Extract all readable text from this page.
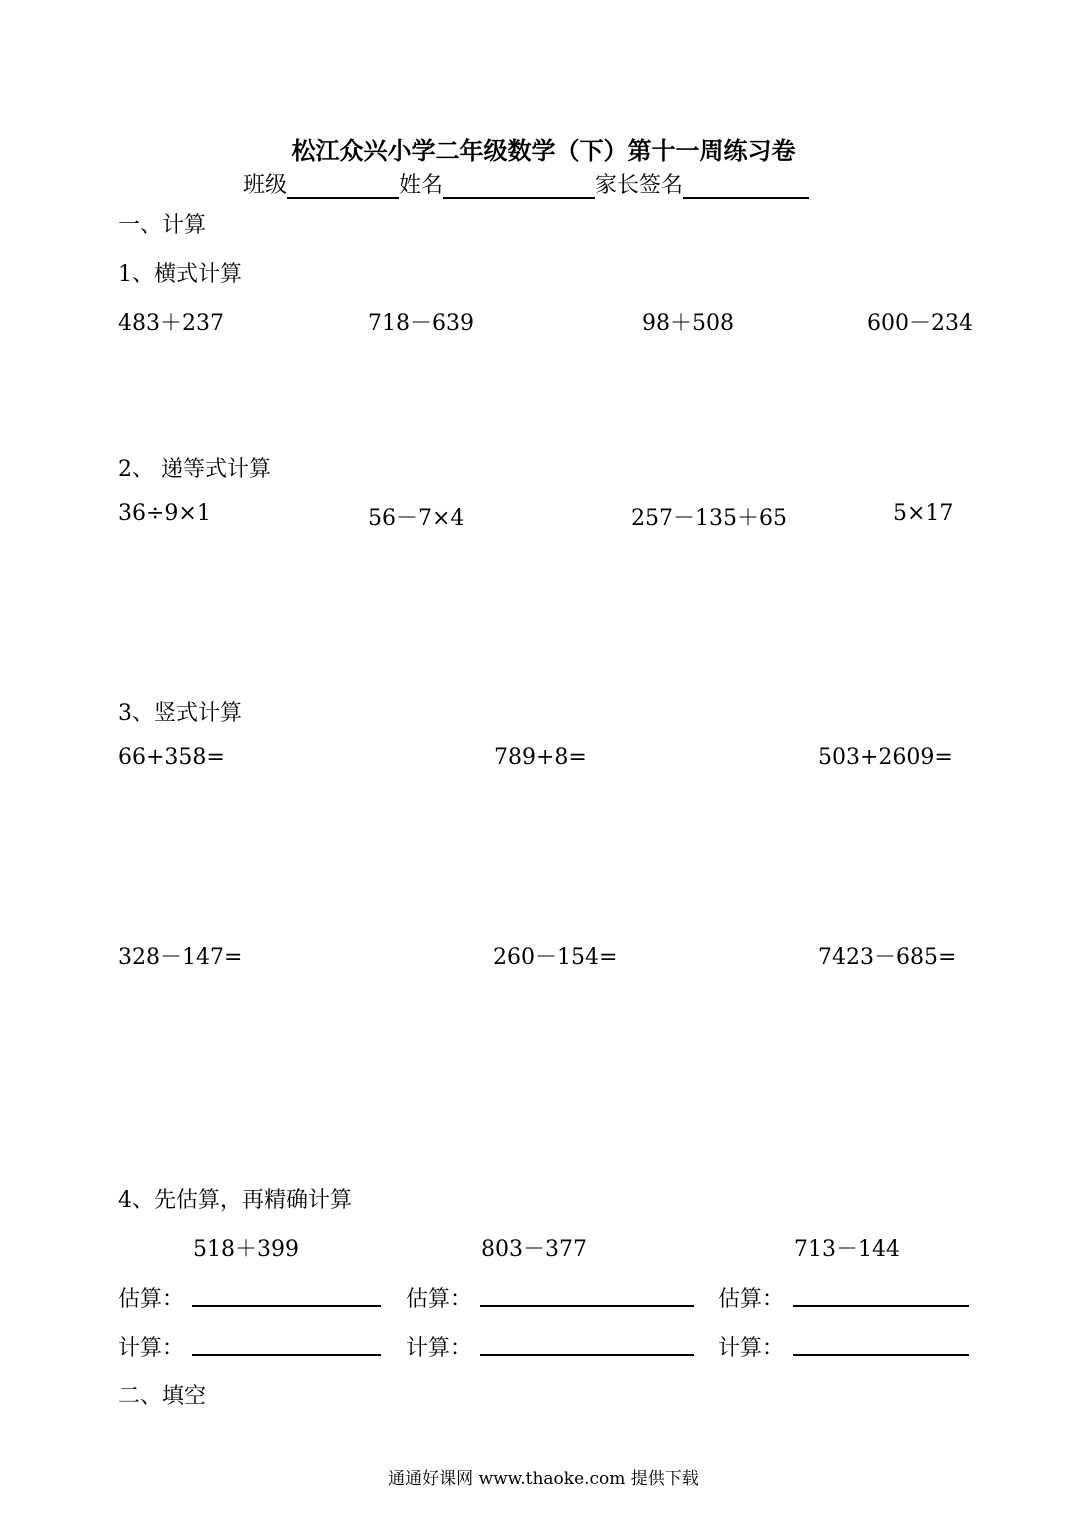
松江众兴小学二年级数学（下）第十一周练习卷
班级	姓名	家长签名
一、计算
1、横式计算
483＋237	718－639	98＋508	600－234
2、 递等式计算
36÷9×1	56－7×4	257－135＋65	5×17
3、竖式计算
66+358=	789+8=	503+2609=
328－147=	260－154=	7423－685=
4、先估算，再精确计算
518＋399	803－377	713－144
估算：	估算：	估算：
计算：	计算：	计算：
二、填空
通通好课网 www.thaoke.com 提供下载
